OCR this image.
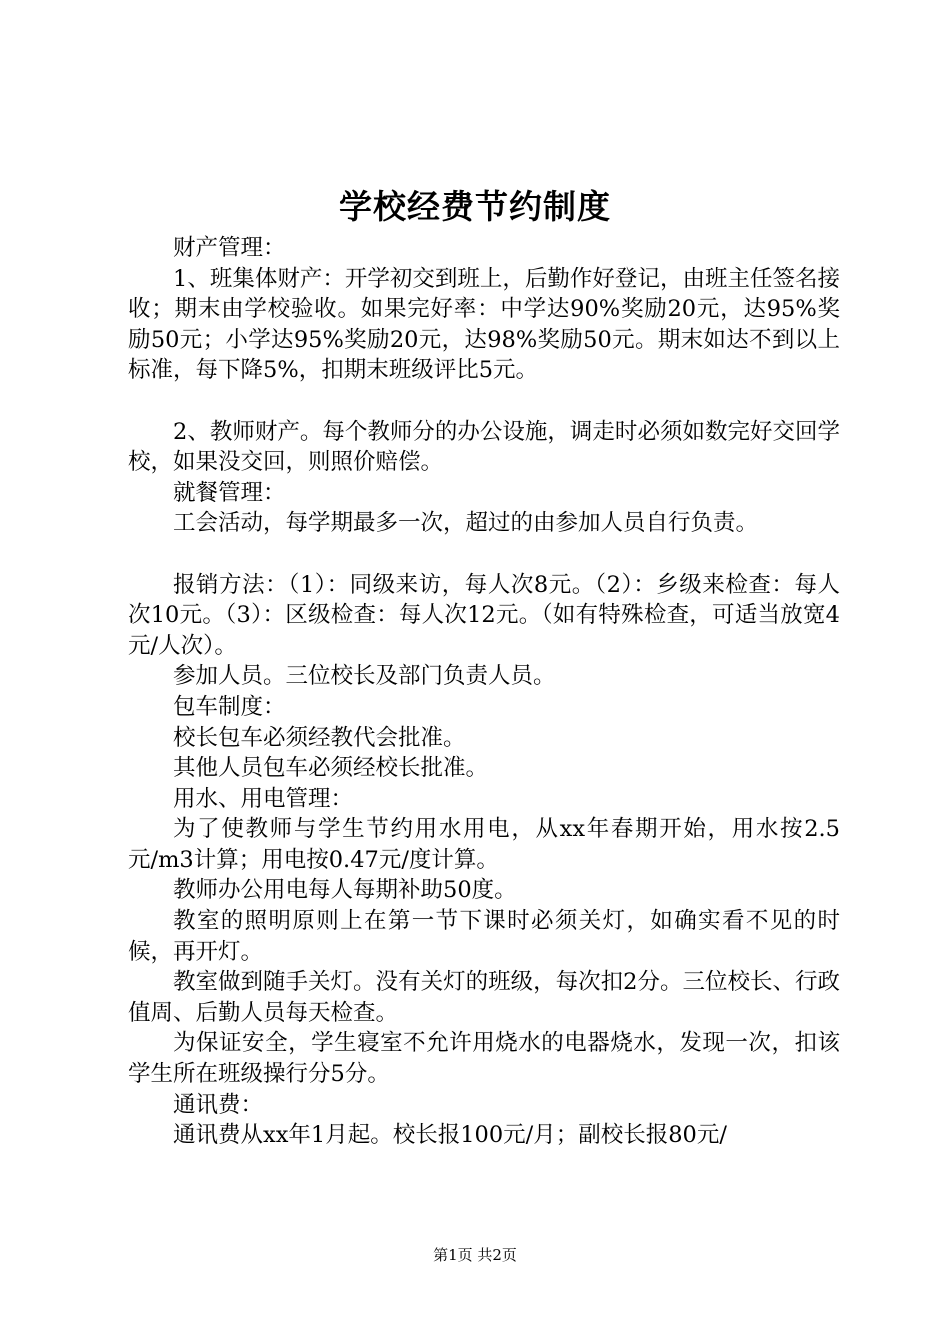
学校经费节约制度

财产管理：

1、班集体财产：开学初交到班上，后勤作好登记，由班主任签名接收；期末由学校验收。如果完好率：中学达90%奖励20元，达95%奖励50元；小学达95%奖励20元，达98%奖励50元。期末如达不到以上标准，每下降5%，扣期末班级评比5元。

2、教师财产。每个教师分的办公设施，调走时必须如数完好交回学校，如果没交回，则照价赔偿。

就餐管理：

工会活动，每学期最多一次，超过的由参加人员自行负责。

报销方法：（1）：同级来访，每人次8元。（2）：乡级来检查：每人次10元。（3）：区级检查：每人次12元。（如有特殊检查，可适当放宽4元/人次）。

参加人员。三位校长及部门负责人员。

包车制度：

校长包车必须经教代会批准。

其他人员包车必须经校长批准。

用水、用电管理：

为了使教师与学生节约用水用电，从xx年春期开始，用水按2.5元/m3计算；用电按0.47元/度计算。

教师办公用电每人每期补助50度。

教室的照明原则上在第一节下课时必须关灯，如确实看不见的时候，再开灯。

教室做到随手关灯。没有关灯的班级，每次扣2分。三位校长、行政值周、后勤人员每天检查。

为保证安全，学生寝室不允许用烧水的电器烧水，发现一次，扣该学生所在班级操行分5分。

通讯费：

通讯费从xx年1月起。校长报100元/月；副校长报80元/

第1页 共2页
